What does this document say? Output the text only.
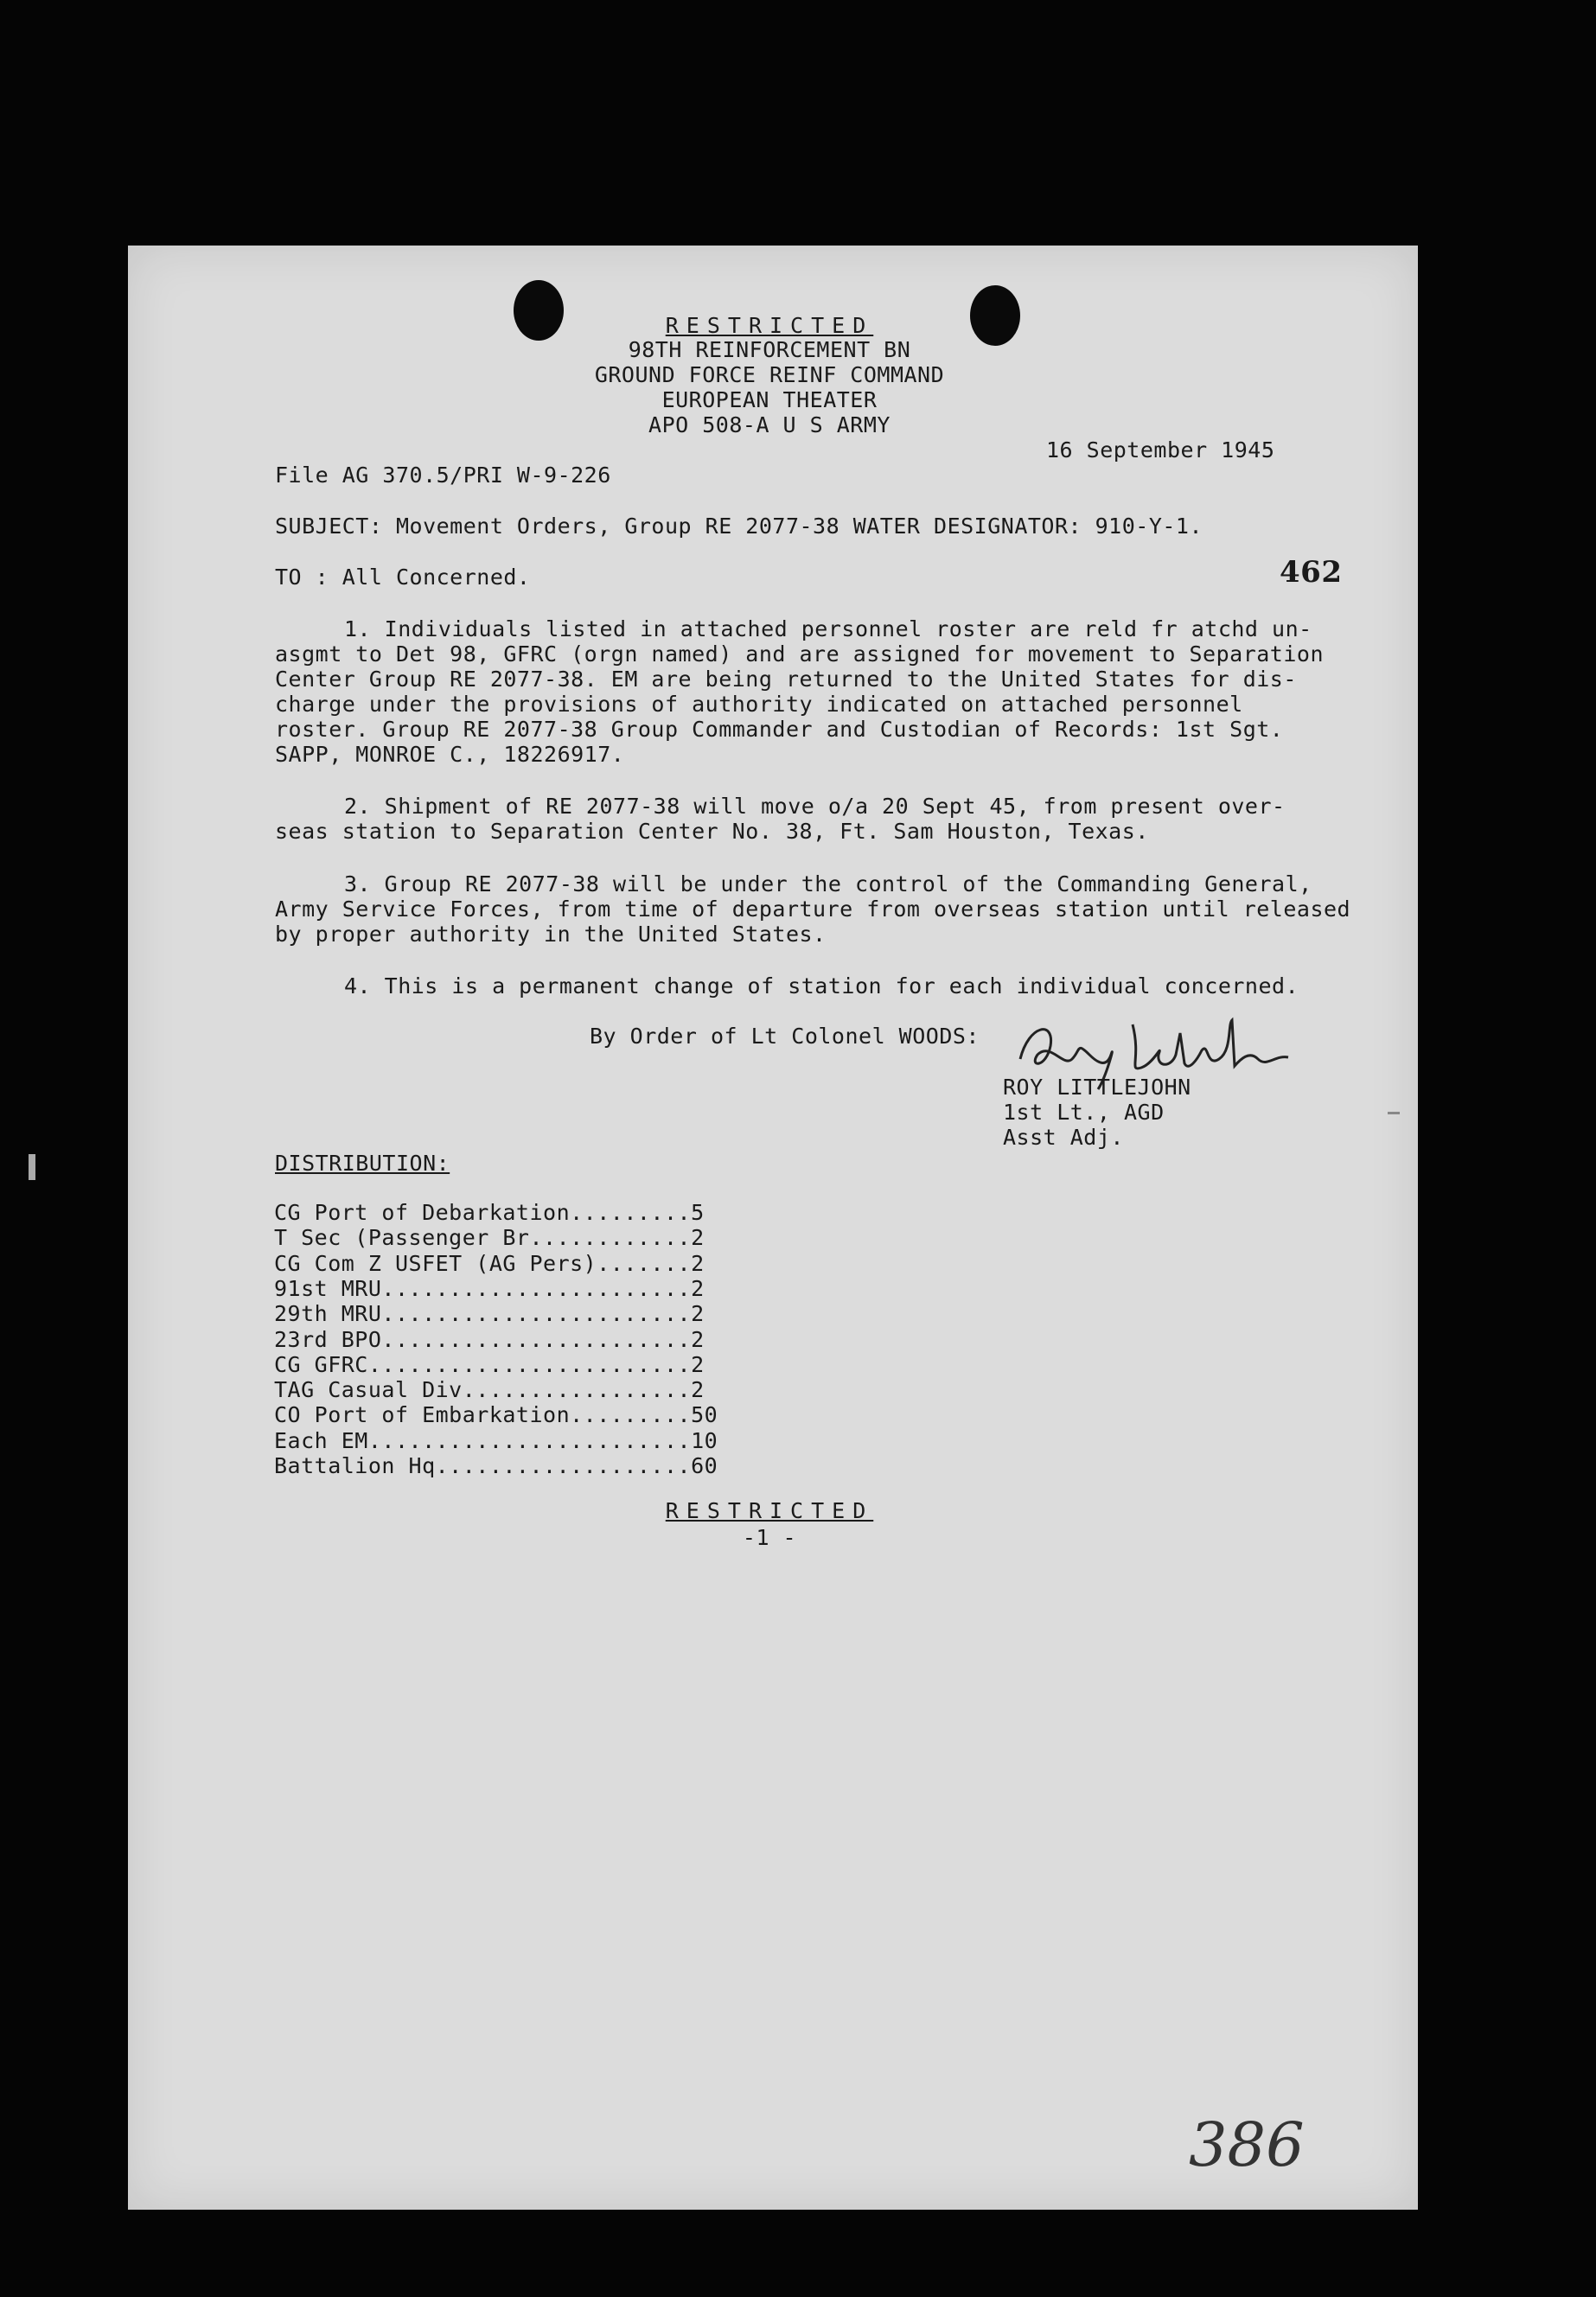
RESTRICTED
98TH REINFORCEMENT BN
GROUND FORCE REINF COMMAND
EUROPEAN THEATER
APO 508-A U S ARMY
16 September 1945
File AG 370.5/PRI W-9-226
SUBJECT: Movement Orders, Group RE 2077-38 WATER DESIGNATOR: 910-Y-1.
TO : All Concerned.	462
1. Individuals listed in attached personnel roster are reld fr atchd un-
asgmt to Det 98, GFRC (orgn named) and are assigned for movement to Separation
Center Group RE 2077-38. EM are being returned to the United States for dis-
charge under the provisions of authority indicated on attached personnel
roster. Group RE 2077-38 Group Commander and Custodian of Records: 1st Sgt.
SAPP, MONROE C., 18226917.
2. Shipment of RE 2077-38 will move o/a 20 Sept 45, from present over-
seas station to Separation Center No. 38, Ft. Sam Houston, Texas.
3. Group RE 2077-38 will be under the control of the Commanding General,
Army Service Forces, from time of departure from overseas station until released
by proper authority in the United States.
4. This is a permanent change of station for each individual concerned.
By Order of Lt Colonel WOODS:
ROY LITTLEJOHN
1st Lt., AGD
Asst Adj.
DISTRIBUTION:
CG Port of Debarkation.........5
T Sec (Passenger Br............2
CG Com Z USFET (AG Pers).......2
91st MRU.......................2
29th MRU.......................2
23rd BPO.......................2
CG GFRC........................2
TAG Casual Div.................2
CO Port of Embarkation.........50
Each EM........................10
Battalion Hq...................60
RESTRICTED
-1 -
386
